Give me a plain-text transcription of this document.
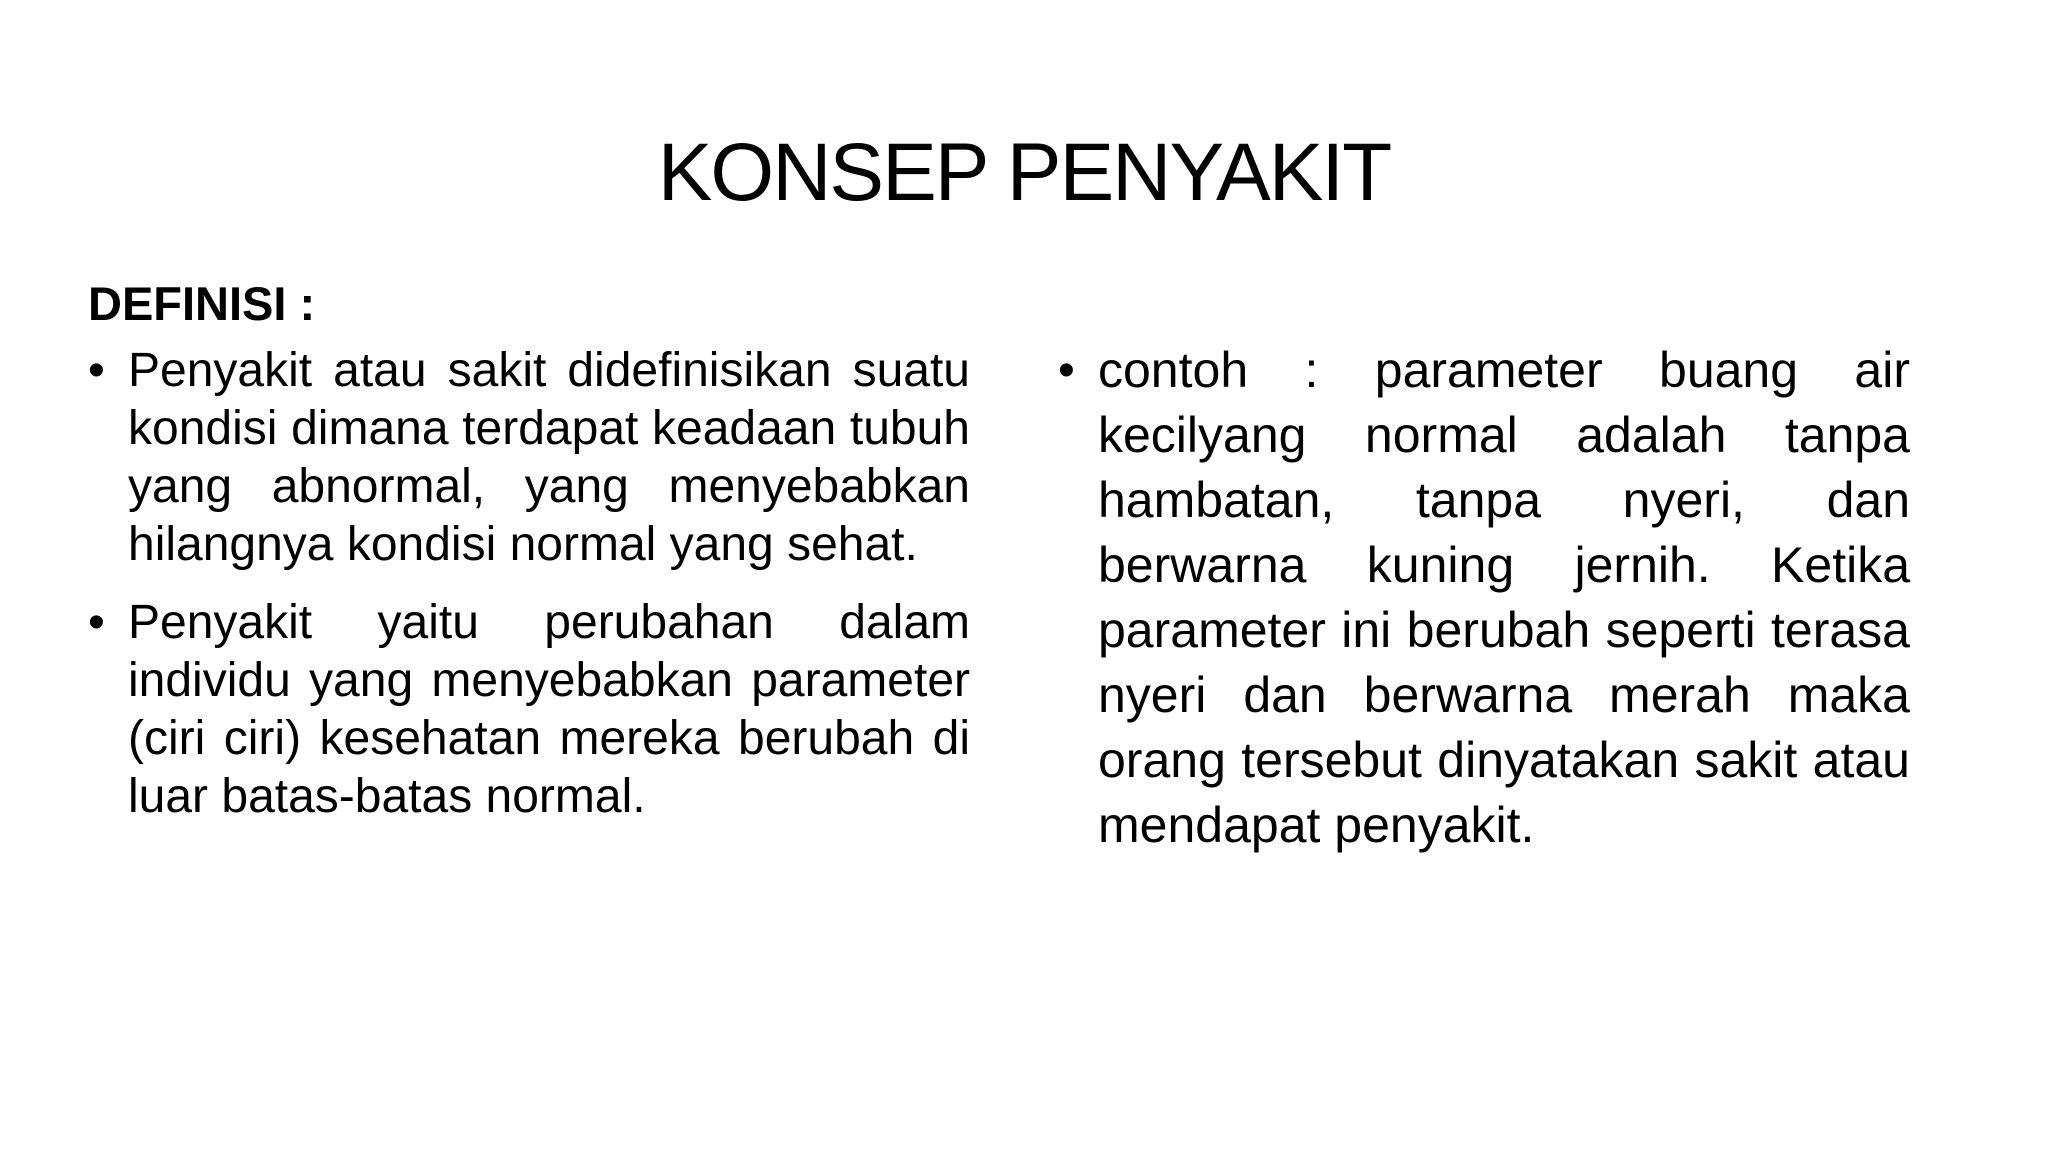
KONSEP PENYAKIT
DEFINISI :
• Penyakit atau sakit didefinisikan suatu kondisi dimana terdapat keadaan tubuh yang abnormal, yang menyebabkan hilangnya kondisi normal yang sehat.
• Penyakit yaitu perubahan dalam individu yang menyebabkan parameter (ciri ciri) kesehatan mereka berubah di luar batas-batas normal.
• contoh : parameter buang air kecilyang normal adalah tanpa hambatan, tanpa nyeri, dan berwarna kuning jernih. Ketika parameter ini berubah seperti terasa nyeri dan berwarna merah maka orang tersebut dinyatakan sakit atau mendapat penyakit.
